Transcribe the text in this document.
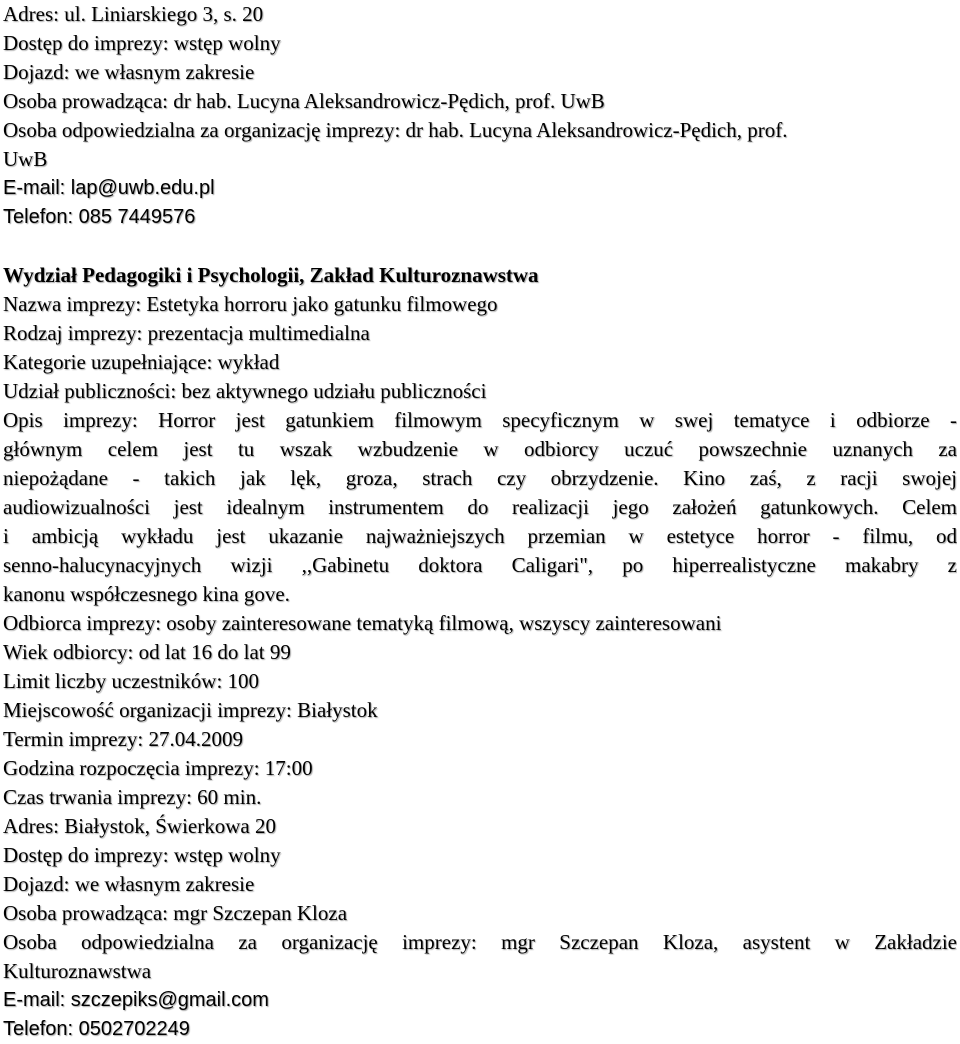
Adres: ul. Liniarskiego 3, s. 20
Dostęp do imprezy: wstęp wolny
Dojazd: we własnym zakresie
Osoba prowadząca: dr hab. Lucyna Aleksandrowicz-Pędich, prof. UwB
Osoba odpowiedzialna za organizację imprezy: dr hab. Lucyna Aleksandrowicz-Pędich, prof.
UwB
E-mail: lap@uwb.edu.pl
Telefon: 085 7449576
Wydział Pedagogiki i Psychologii, Zakład Kulturoznawstwa
Nazwa imprezy: Estetyka horroru jako gatunku filmowego
Rodzaj imprezy: prezentacja multimedialna
Kategorie uzupełniające: wykład
Udział publiczności: bez aktywnego udziału publiczności
Opis imprezy: Horror jest gatunkiem filmowym specyficznym w swej tematyce i odbiorze -
głównym celem jest tu wszak wzbudzenie w odbiorcy uczuć powszechnie uznanych za
niepożądane - takich jak lęk, groza, strach czy obrzydzenie. Kino zaś, z racji swojej
audiowizualności jest idealnym instrumentem do realizacji jego założeń gatunkowych. Celem
i ambicją wykładu jest ukazanie najważniejszych przemian w estetyce horror - filmu, od
senno-halucynacyjnych wizji ,,Gabinetu doktora Caligari", po hiperrealistyczne makabry z
kanonu współczesnego kina gove.
Odbiorca imprezy: osoby zainteresowane tematyką filmową, wszyscy zainteresowani
Wiek odbiorcy: od lat 16 do lat 99
Limit liczby uczestników: 100
Miejscowość organizacji imprezy: Białystok
Termin imprezy: 27.04.2009
Godzina rozpoczęcia imprezy: 17:00
Czas trwania imprezy: 60 min.
Adres: Białystok, Świerkowa 20
Dostęp do imprezy: wstęp wolny
Dojazd: we własnym zakresie
Osoba prowadząca: mgr Szczepan Kloza
Osoba odpowiedzialna za organizację imprezy: mgr Szczepan Kloza, asystent w Zakładzie
Kulturoznawstwa
E-mail: szczepiks@gmail.com
Telefon: 0502702249
